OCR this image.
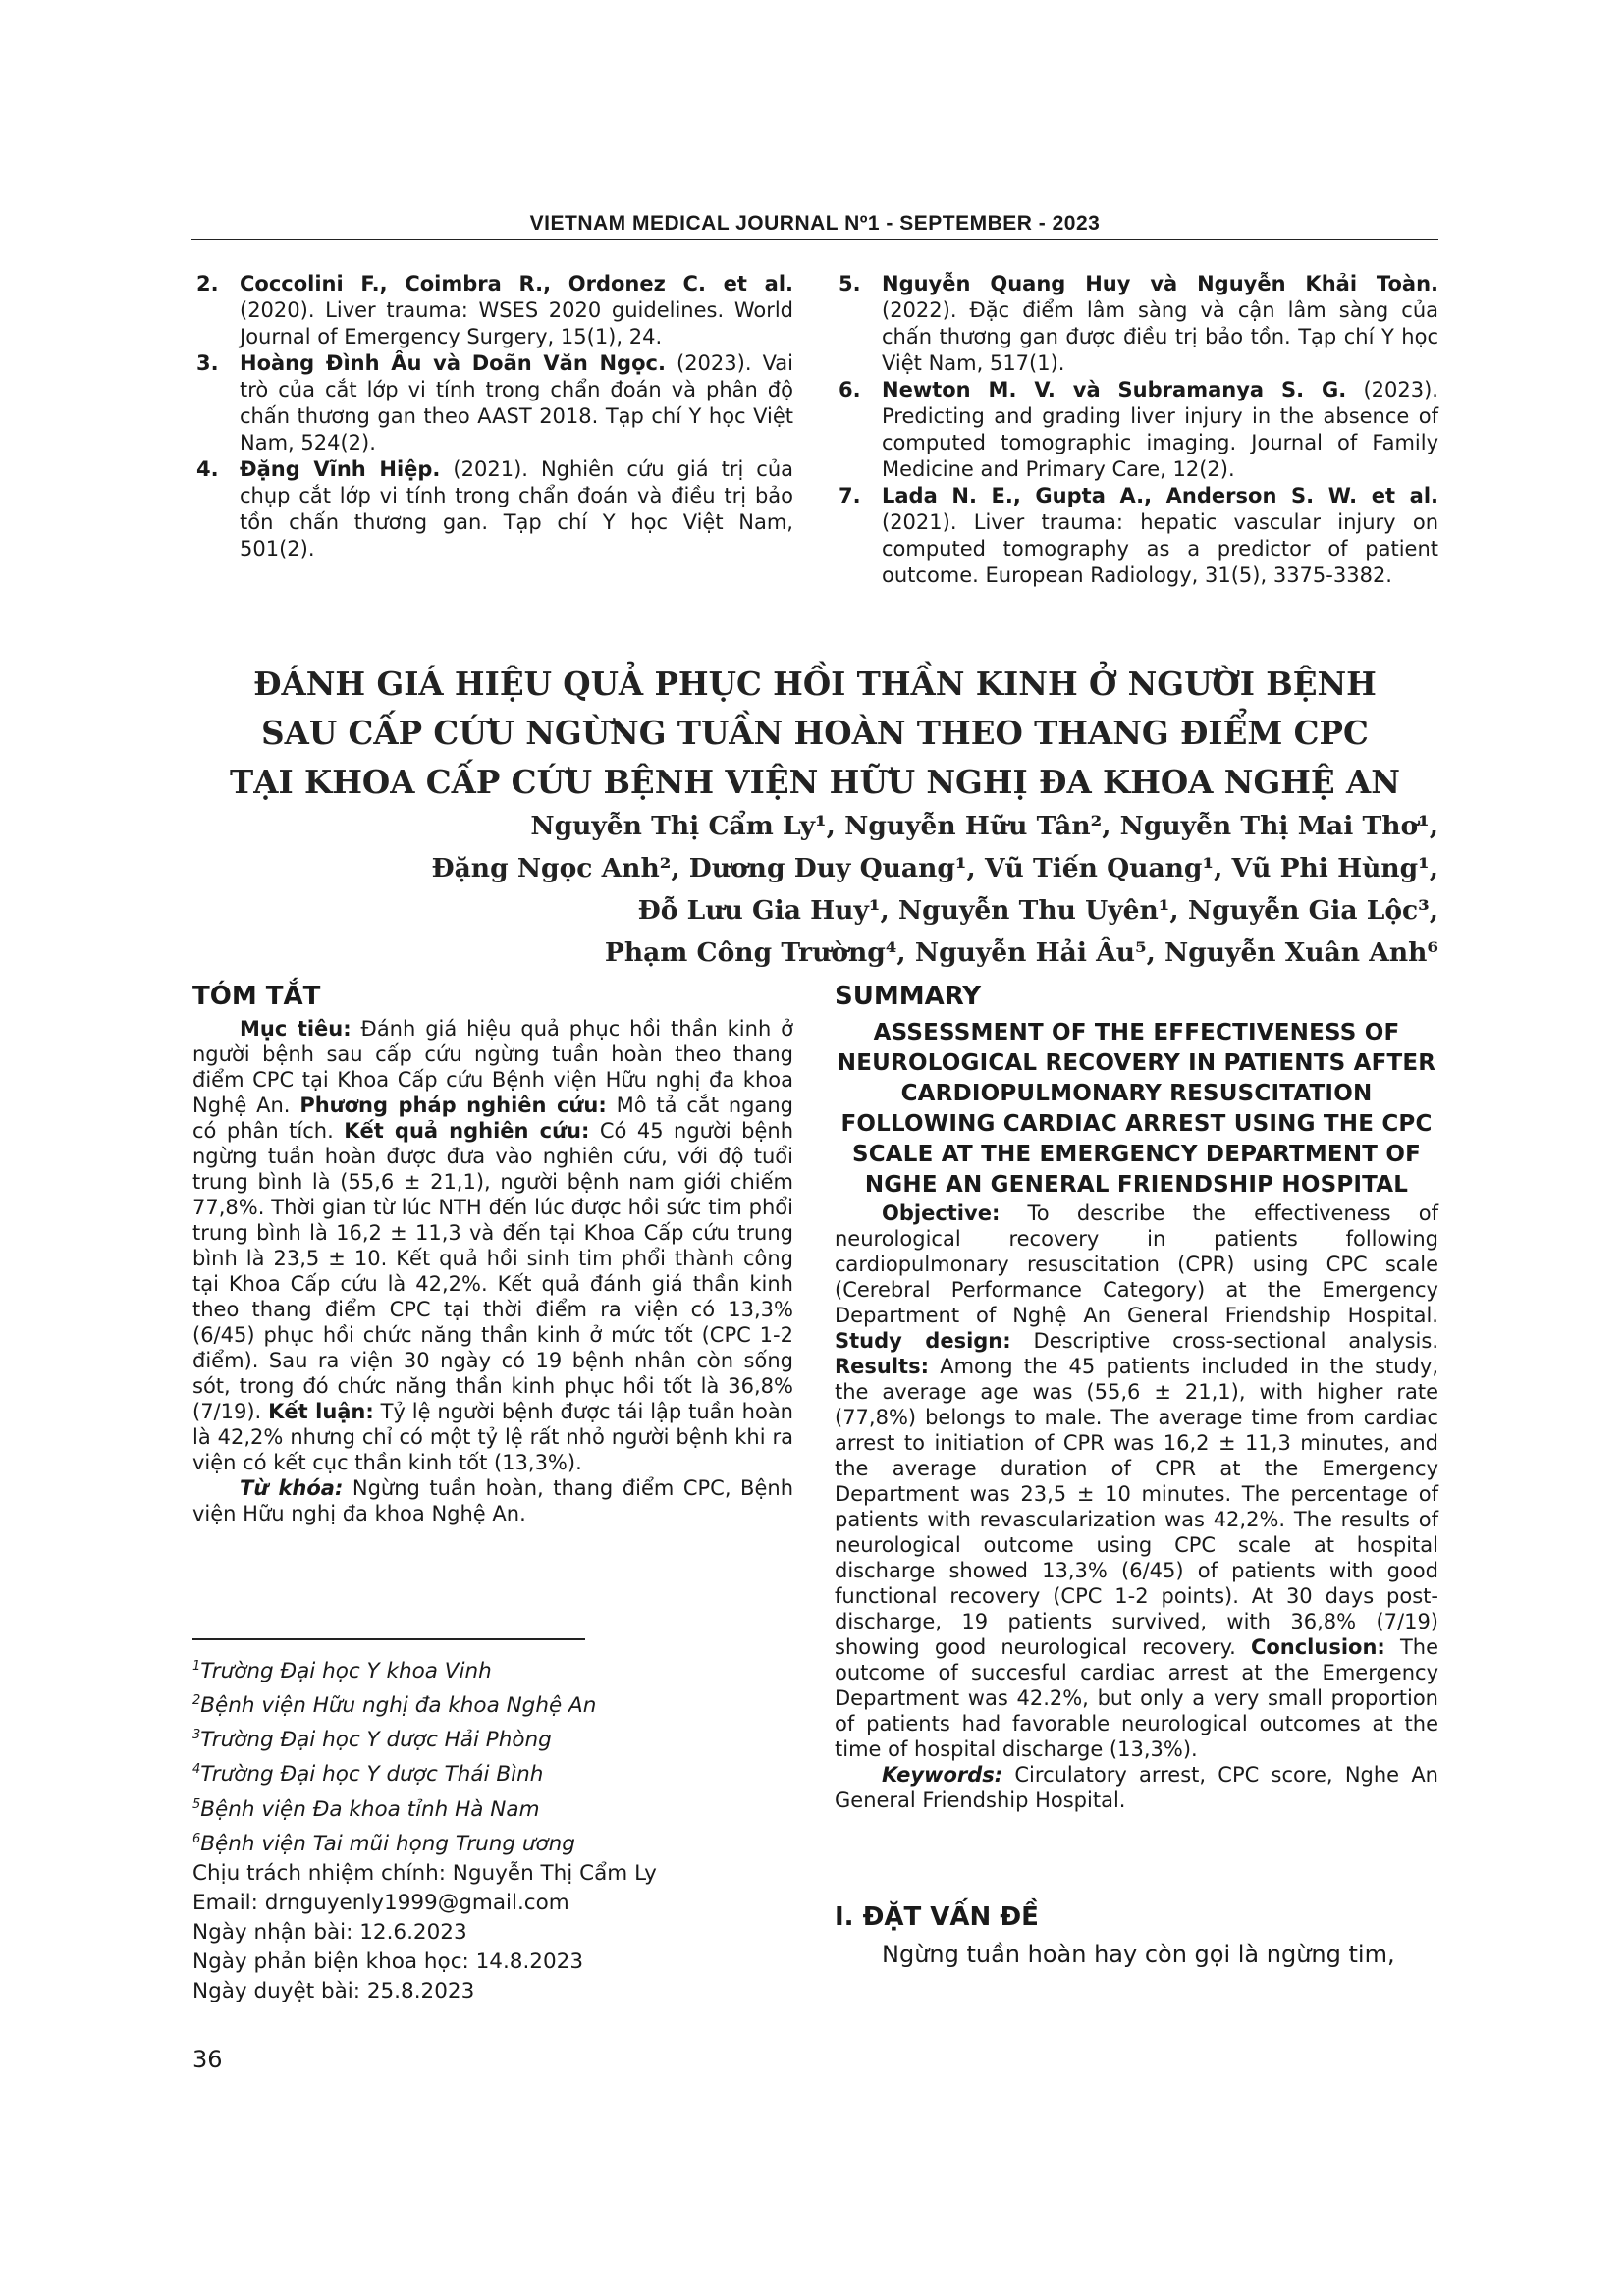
VIETNAM MEDICAL JOURNAL Nº1 - SEPTEMBER - 2023
2. Coccolini F., Coimbra R., Ordonez C. et al. (2020). Liver trauma: WSES 2020 guidelines. World Journal of Emergency Surgery, 15(1), 24.
3. Hoàng Đình Âu và Doãn Văn Ngọc. (2023). Vai trò của cắt lớp vi tính trong chẩn đoán và phân độ chấn thương gan theo AAST 2018. Tạp chí Y học Việt Nam, 524(2).
4. Đặng Vĩnh Hiệp. (2021). Nghiên cứu giá trị của chụp cắt lớp vi tính trong chẩn đoán và điều trị bảo tồn chấn thương gan. Tạp chí Y học Việt Nam, 501(2).
5. Nguyễn Quang Huy và Nguyễn Khải Toàn. (2022). Đặc điểm lâm sàng và cận lâm sàng của chấn thương gan được điều trị bảo tồn. Tạp chí Y học Việt Nam, 517(1).
6. Newton M. V. và Subramanya S. G. (2023). Predicting and grading liver injury in the absence of computed tomographic imaging. Journal of Family Medicine and Primary Care, 12(2).
7. Lada N. E., Gupta A., Anderson S. W. et al. (2021). Liver trauma: hepatic vascular injury on computed tomography as a predictor of patient outcome. European Radiology, 31(5), 3375-3382.
ĐÁNH GIÁ HIỆU QUẢ PHỤC HỒI THẦN KINH Ở NGƯỜI BỆNH
SAU CẤP CỨU NGỪNG TUẦN HOÀN THEO THANG ĐIỂM CPC
TẠI KHOA CẤP CỨU BỆNH VIỆN HỮU NGHỊ ĐA KHOA NGHỆ AN
Nguyễn Thị Cẩm Ly¹, Nguyễn Hữu Tân², Nguyễn Thị Mai Thơ¹,
Đặng Ngọc Anh², Dương Duy Quang¹, Vũ Tiến Quang¹, Vũ Phi Hùng¹,
Đỗ Lưu Gia Huy¹, Nguyễn Thu Uyên¹, Nguyễn Gia Lộc³,
Phạm Công Trường⁴, Nguyễn Hải Âu⁵, Nguyễn Xuân Anh⁶
TÓM TẮT

Mục tiêu: Đánh giá hiệu quả phục hồi thần kinh ở người bệnh sau cấp cứu ngừng tuần hoàn theo thang điểm CPC tại Khoa Cấp cứu Bệnh viện Hữu nghị đa khoa Nghệ An. Phương pháp nghiên cứu: Mô tả cắt ngang có phân tích. Kết quả nghiên cứu: Có 45 người bệnh ngừng tuần hoàn được đưa vào nghiên cứu, với độ tuổi trung bình là (55,6 ± 21,1), người bệnh nam giới chiếm 77,8%. Thời gian từ lúc NTH đến lúc được hồi sức tim phổi trung bình là 16,2 ± 11,3 và đến tại Khoa Cấp cứu trung bình là 23,5 ± 10. Kết quả hồi sinh tim phổi thành công tại Khoa Cấp cứu là 42,2%. Kết quả đánh giá thần kinh theo thang điểm CPC tại thời điểm ra viện có 13,3% (6/45) phục hồi chức năng thần kinh ở mức tốt (CPC 1-2 điểm). Sau ra viện 30 ngày có 19 bệnh nhân còn sống sót, trong đó chức năng thần kinh phục hồi tốt là 36,8% (7/19). Kết luận: Tỷ lệ người bệnh được tái lập tuần hoàn là 42,2% nhưng chỉ có một tỷ lệ rất nhỏ người bệnh khi ra viện có kết cục thần kinh tốt (13,3%).

Từ khóa: Ngừng tuần hoàn, thang điểm CPC, Bệnh viện Hữu nghị đa khoa Nghệ An.

SUMMARY

ASSESSMENT OF THE EFFECTIVENESS OF NEUROLOGICAL RECOVERY IN PATIENTS AFTER CARDIOPULMONARY RESUSCITATION FOLLOWING CARDIAC ARREST USING THE CPC SCALE AT THE EMERGENCY DEPARTMENT OF NGHE AN GENERAL FRIENDSHIP HOSPITAL

Objective: To describe the effectiveness of neurological recovery in patients following cardiopulmonary resuscitation (CPR) using CPC scale (Cerebral Performance Category) at the Emergency Department of Nghệ An General Friendship Hospital. Study design: Descriptive cross-sectional analysis. Results: Among the 45 patients included in the study, the average age was (55,6 ± 21,1), with higher rate (77,8%) belongs to male. The average time from cardiac arrest to initiation of CPR was 16,2 ± 11,3 minutes, and the average duration of CPR at the Emergency Department was 23,5 ± 10 minutes. The percentage of patients with revascularization was 42,2%. The results of neurological outcome using CPC scale at hospital discharge showed 13,3% (6/45) of patients with good functional recovery (CPC 1-2 points). At 30 days post-discharge, 19 patients survived, with 36,8% (7/19) showing good neurological recovery. Conclusion: The outcome of succesful cardiac arrest at the Emergency Department was 42.2%, but only a very small proportion of patients had favorable neurological outcomes at the time of hospital discharge (13,3%).

Keywords: Circulatory arrest, CPC score, Nghe An General Friendship Hospital.

$^1$Trường Đại học Y khoa Vinh
$^2$Bệnh viện Hữu nghị đa khoa Nghệ An
$^3$Trường Đại học Y dược Hải Phòng
$^4$Trường Đại học Y dược Thái Bình
$^5$Bệnh viện Đa khoa tỉnh Hà Nam
$^6$Bệnh viện Tai mũi họng Trung ương
Chịu trách nhiệm chính: Nguyễn Thị Cẩm Ly
Email: drnguyenly1999@gmail.com
Ngày nhận bài: 12.6.2023
Ngày phản biện khoa học: 14.8.2023
Ngày duyệt bài: 25.8.2023
36
I. ĐẶT VẤN ĐỀ
Ngừng tuần hoàn hay còn gọi là ngừng tim,
